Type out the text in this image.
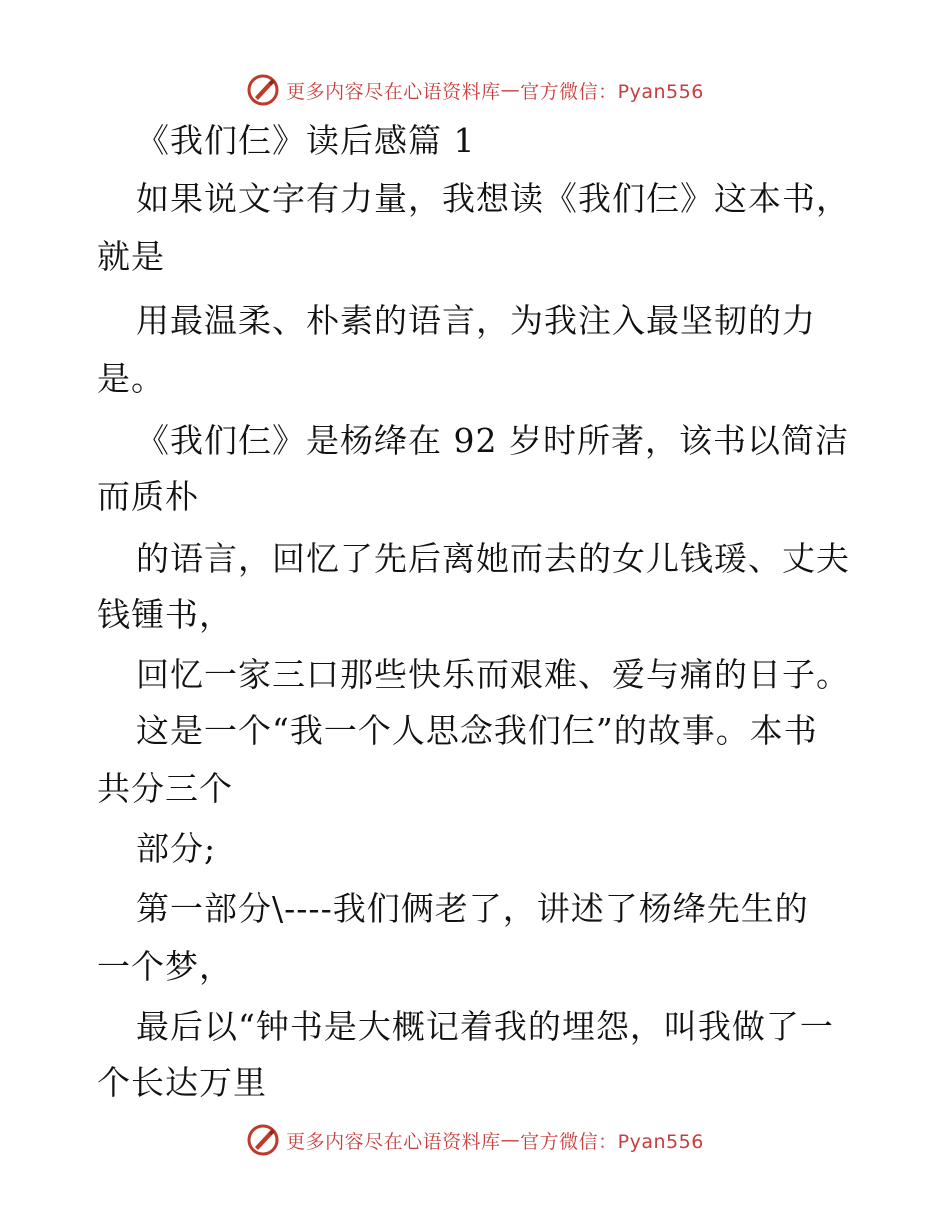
更多内容尽在心语资料库 — 官方微信：Pyan556
《我们仨》读后感篇 1
如果说文字有力量，我想读《我们仨》这本书，
就是
用最温柔、朴素的语言，为我注入最坚韧的力
是。
《我们仨》是杨绛在 92 岁时所著，该书以简洁
而质朴
的语言，回忆了先后离她而去的女儿钱瑗、丈夫
钱锺书，
回忆一家三口那些快乐而艰难、爱与痛的日子。
这是一个“我一个人思念我们仨”的故事。本书
共分三个
部分;
第一部分\----我们俩老了，讲述了杨绛先生的
一个梦，
最后以“钟书是大概记着我的埋怨，叫我做了一
个长达万里
更多内容尽在心语资料库 — 官方微信：Pyan556
